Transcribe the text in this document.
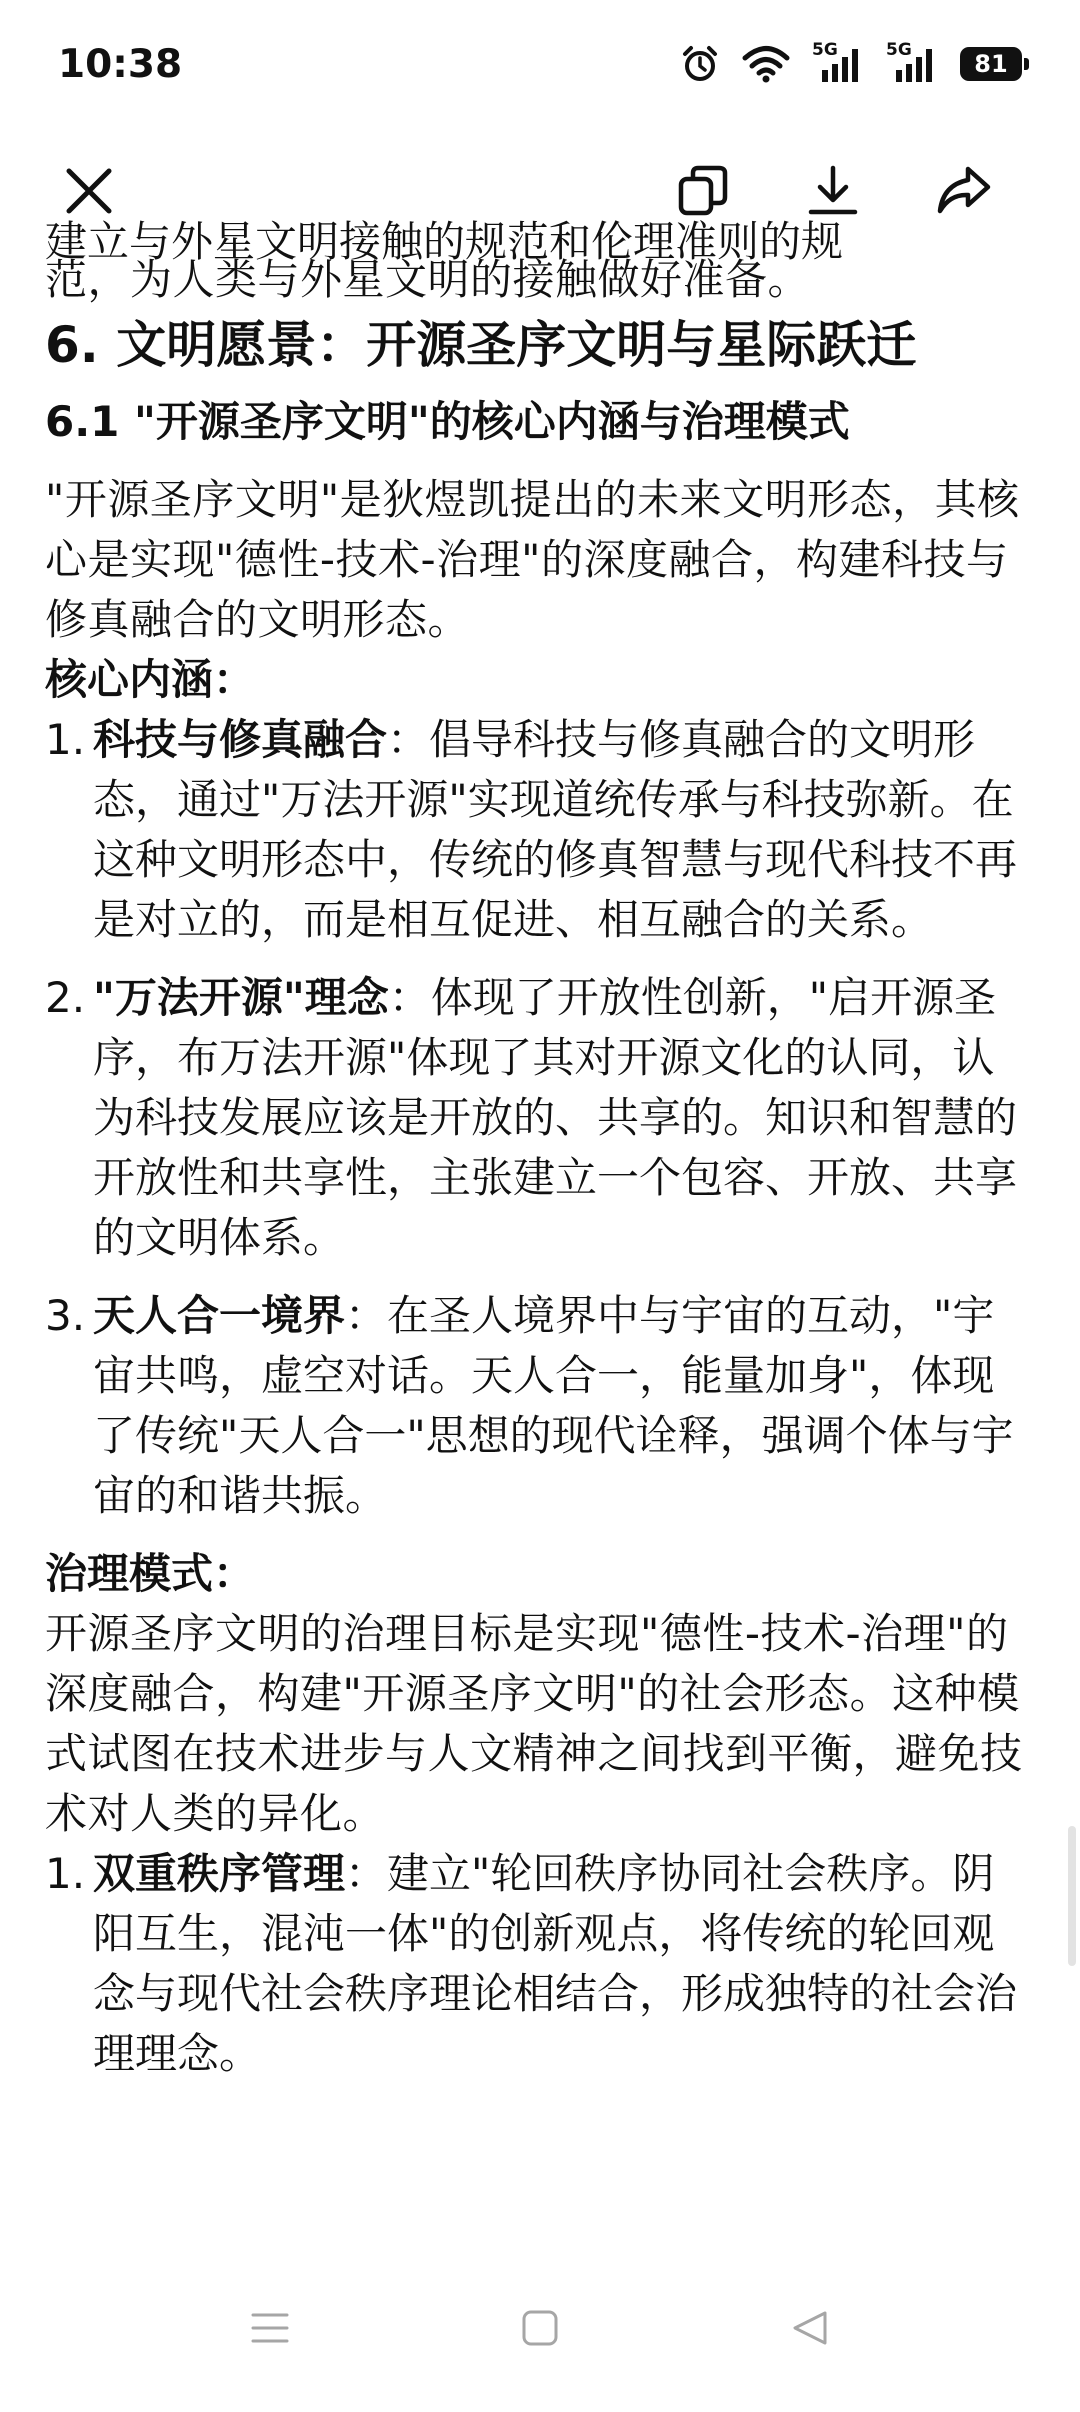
10:38	5G	5G	81
建立与外星文明接触的规范和伦理准则的规

范，为人类与外星文明的接触做好准备。

6. 文明愿景：开源圣序文明与星际跃迁
6.1 "开源圣序文明"的核心内涵与治理模式

"开源圣序文明"是狄煜凯提出的未来文明形态，其核心是实现"德性-技术-治理"的深度融合，构建科技与修真融合的文明形态。

核心内涵：

1. 科技与修真融合：倡导科技与修真融合的文明形态，通过"万法开源"实现道统传承与科技弥新。在这种文明形态中，传统的修真智慧与现代科技不再是对立的，而是相互促进、相互融合的关系。
2. "万法开源"理念：体现了开放性创新，"启开源圣序，布万法开源"体现了其对开源文化的认同，认为科技发展应该是开放的、共享的。知识和智慧的开放性和共享性，主张建立一个包容、开放、共享的文明体系。
3. 天人合一境界：在圣人境界中与宇宙的互动，"宇宙共鸣，虚空对话。天人合一，能量加身"，体现了传统"天人合一"思想的现代诠释，强调个体与宇宙的和谐共振。

治理模式：

开源圣序文明的治理目标是实现"德性-技术-治理"的深度融合，构建"开源圣序文明"的社会形态。这种模式试图在技术进步与人文精神之间找到平衡，避免技术对人类的异化。

1. 双重秩序管理：建立"轮回秩序协同社会秩序。阴阳互生，混沌一体"的创新观点，将传统的轮回观念与现代社会秩序理论相结合，形成独特的社会治理理念。
